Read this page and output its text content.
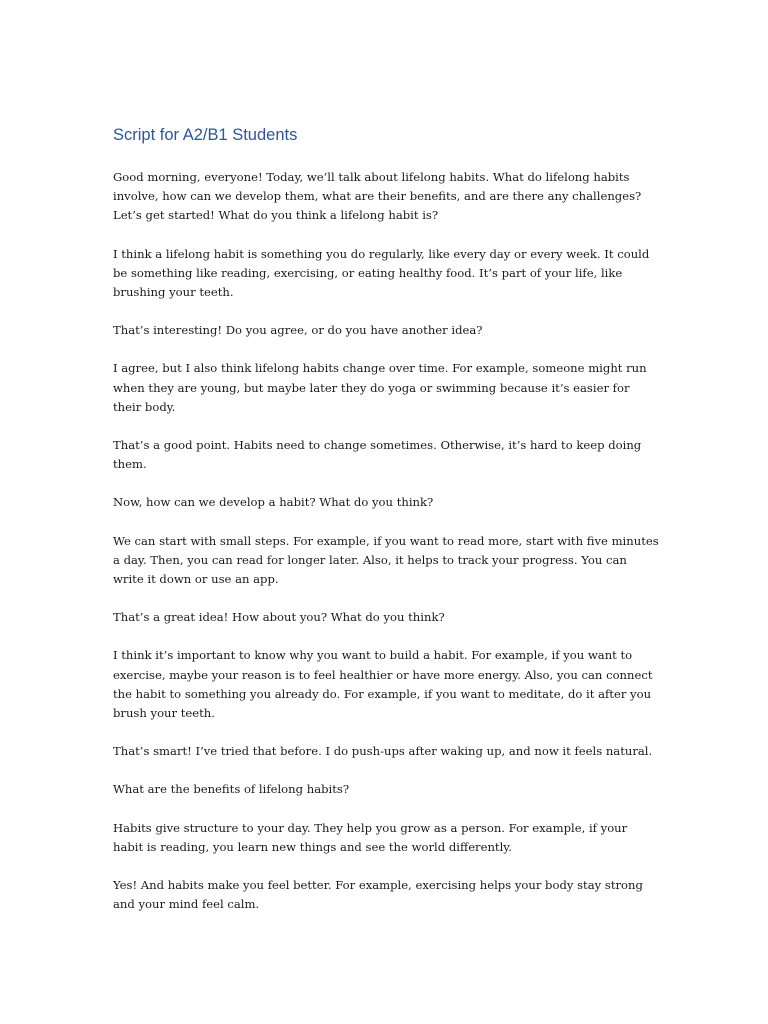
Script for A2/B1 Students

Good morning, everyone! Today, we’ll talk about lifelong habits. What do lifelong habits involve, how can we develop them, what are their benefits, and are there any challenges? Let’s get started! What do you think a lifelong habit is?

I think a lifelong habit is something you do regularly, like every day or every week. It could be something like reading, exercising, or eating healthy food. It’s part of your life, like brushing your teeth.

That’s interesting! Do you agree, or do you have another idea?

I agree, but I also think lifelong habits change over time. For example, someone might run when they are young, but maybe later they do yoga or swimming because it’s easier for their body.

That’s a good point. Habits need to change sometimes. Otherwise, it’s hard to keep doing them.

Now, how can we develop a habit? What do you think?

We can start with small steps. For example, if you want to read more, start with five minutes a day. Then, you can read for longer later. Also, it helps to track your progress. You can write it down or use an app.

That’s a great idea! How about you? What do you think?

I think it’s important to know why you want to build a habit. For example, if you want to exercise, maybe your reason is to feel healthier or have more energy. Also, you can connect the habit to something you already do. For example, if you want to meditate, do it after you brush your teeth.

That’s smart! I’ve tried that before. I do push-ups after waking up, and now it feels natural.

What are the benefits of lifelong habits?

Habits give structure to your day. They help you grow as a person. For example, if your habit is reading, you learn new things and see the world differently.

Yes! And habits make you feel better. For example, exercising helps your body stay strong and your mind feel calm.
